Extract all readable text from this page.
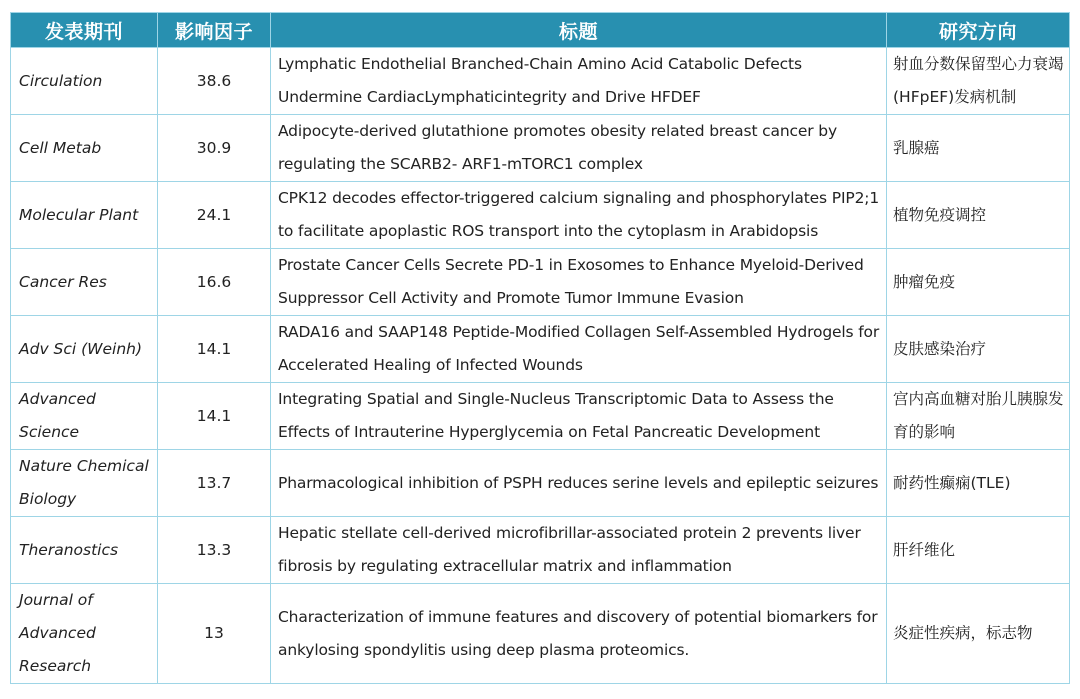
发表期刊	影响因子	标题	研究方向
Circulation	38.6	Lymphatic Endothelial Branched-Chain Amino Acid Catabolic Defects Undermine CardiacLymphaticintegrity and Drive HFDEF	射血分数保留型心力衰竭(HFpEF)发病机制
Cell Metab	30.9	Adipocyte-derived glutathione promotes obesity related breast cancer by regulating the SCARB2- ARF1-mTORC1 complex	乳腺癌
Molecular Plant	24.1	CPK12 decodes effector-triggered calcium signaling and phosphorylates PIP2;1 to facilitate apoplastic ROS transport into the cytoplasm in Arabidopsis	植物免疫调控
Cancer Res	16.6	Prostate Cancer Cells Secrete PD-1 in Exosomes to Enhance Myeloid-Derived Suppressor Cell Activity and Promote Tumor Immune Evasion	肿瘤免疫
Adv Sci (Weinh)	14.1	RADA16 and SAAP148 Peptide-Modified Collagen Self-Assembled Hydrogels for Accelerated Healing of Infected Wounds	皮肤感染治疗
Advanced Science	14.1	Integrating Spatial and Single-Nucleus Transcriptomic Data to Assess the Effects of Intrauterine Hyperglycemia on Fetal Pancreatic Development	宫内高血糖对胎儿胰腺发育的影响
Nature Chemical Biology	13.7	Pharmacological inhibition of PSPH reduces serine levels and epileptic seizures	耐药性癫痫(TLE)
Theranostics	13.3	Hepatic stellate cell-derived microfibrillar-associated protein 2 prevents liver fibrosis by regulating extracellular matrix and inflammation	肝纤维化
Journal of Advanced Research	13	Characterization of immune features and discovery of potential biomarkers for ankylosing spondylitis using deep plasma proteomics.	炎症性疾病，标志物
